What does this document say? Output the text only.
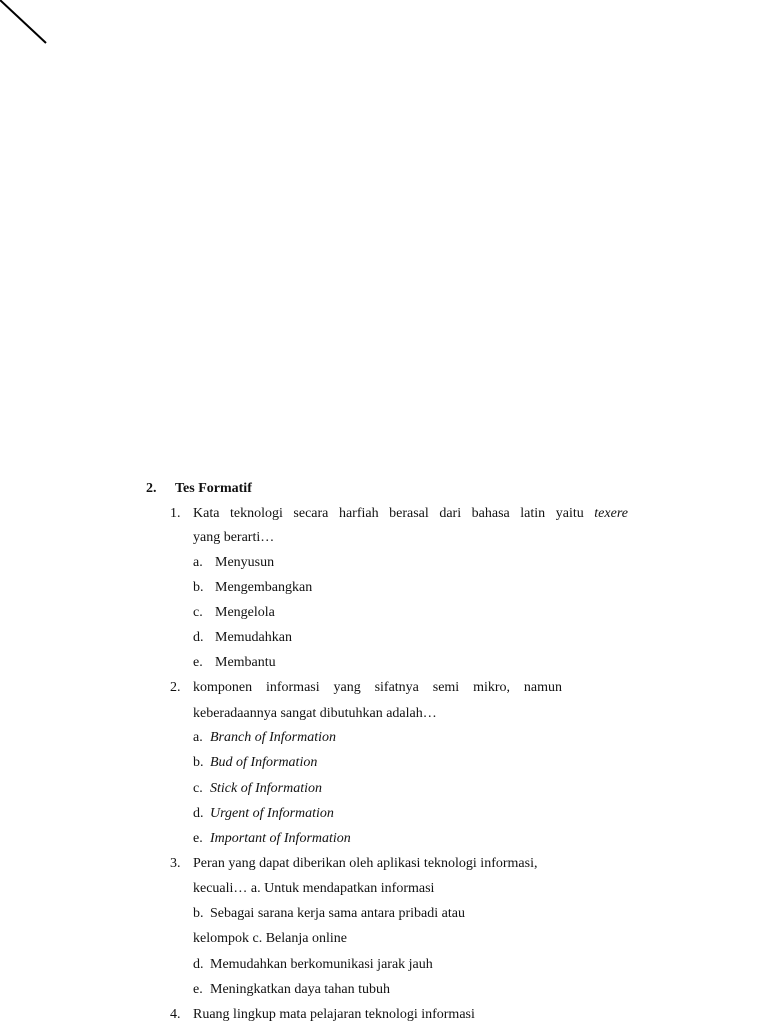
2. Tes Formatif
1. Kata teknologi secara harfiah berasal dari bahasa latin yaitu texere
yang berarti…
a. Menyusun
b. Mengembangkan
c. Mengelola
d. Memudahkan
e. Membantu
2. komponen informasi yang sifatnya semi mikro, namun
keberadaannya sangat dibutuhkan adalah…
a. Branch of Information
b. Bud of Information
c. Stick of Information
d. Urgent of Information
e. Important of Information
3. Peran yang dapat diberikan oleh aplikasi teknologi informasi,
kecuali… a. Untuk mendapatkan informasi
b. Sebagai sarana kerja sama antara pribadi atau
kelompok c. Belanja online
d. Memudahkan berkomunikasi jarak jauh
e. Meningkatkan daya tahan tubuh
4. Ruang lingkup mata pelajaran teknologi informasi
